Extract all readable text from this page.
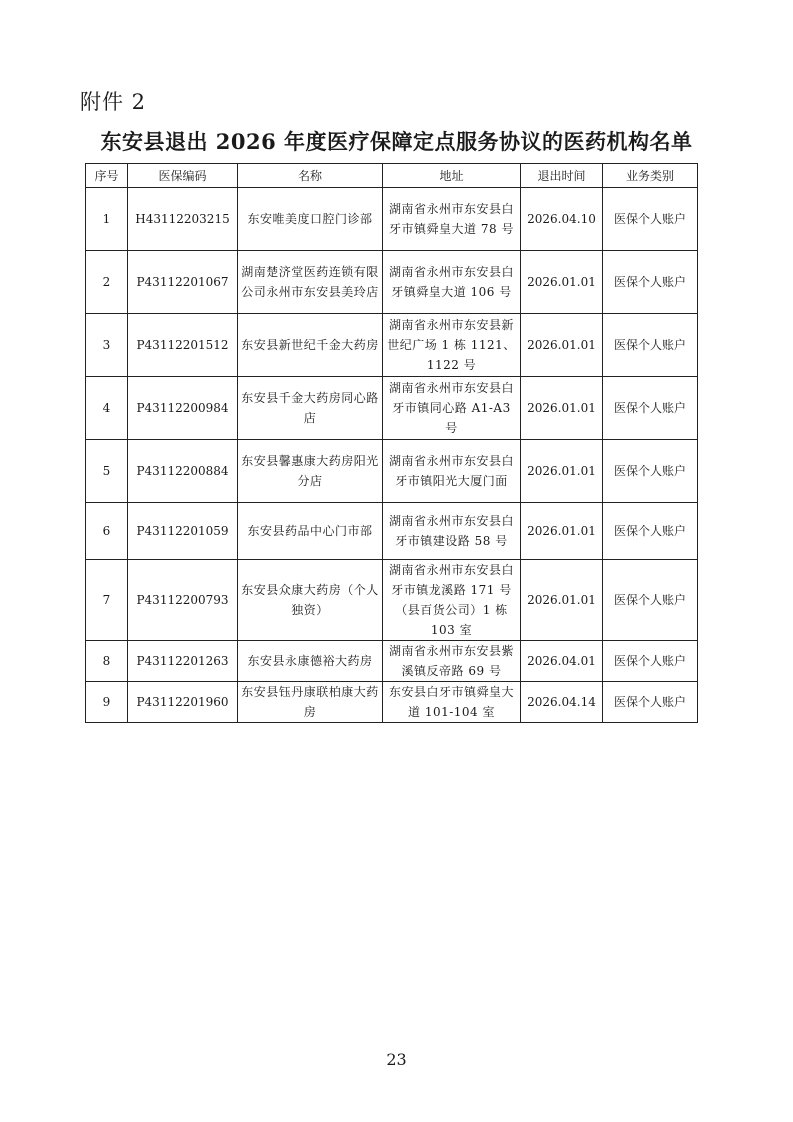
附件 2
东安县退出 2026 年度医疗保障定点服务协议的医药机构名单
序号	医保编码	名称	地址	退出时间	业务类别
1	H43112203215	东安唯美度口腔门诊部	湖南省永州市东安县白牙市镇舜皇大道 78 号	2026.04.10	医保个人账户
2	P43112201067	湖南楚济堂医药连锁有限公司永州市东安县美玲店	湖南省永州市东安县白牙镇舜皇大道 106 号	2026.01.01	医保个人账户
3	P43112201512	东安县新世纪千金大药房	湖南省永州市东安县新世纪广场 1 栋 1121、1122 号	2026.01.01	医保个人账户
4	P43112200984	东安县千金大药房同心路店	湖南省永州市东安县白牙市镇同心路 A1-A3 号	2026.01.01	医保个人账户
5	P43112200884	东安县馨惠康大药房阳光分店	湖南省永州市东安县白牙市镇阳光大厦门面	2026.01.01	医保个人账户
6	P43112201059	东安县药品中心门市部	湖南省永州市东安县白牙市镇建设路 58 号	2026.01.01	医保个人账户
7	P43112200793	东安县众康大药房（个人独资）	湖南省永州市东安县白牙市镇龙溪路 171 号（县百货公司）1 栋 103 室	2026.01.01	医保个人账户
8	P43112201263	东安县永康德裕大药房	湖南省永州市东安县紫溪镇反帝路 69 号	2026.04.01	医保个人账户
9	P43112201960	东安县钰丹康联柏康大药房	东安县白牙市镇舜皇大道 101-104 室	2026.04.14	医保个人账户
23
